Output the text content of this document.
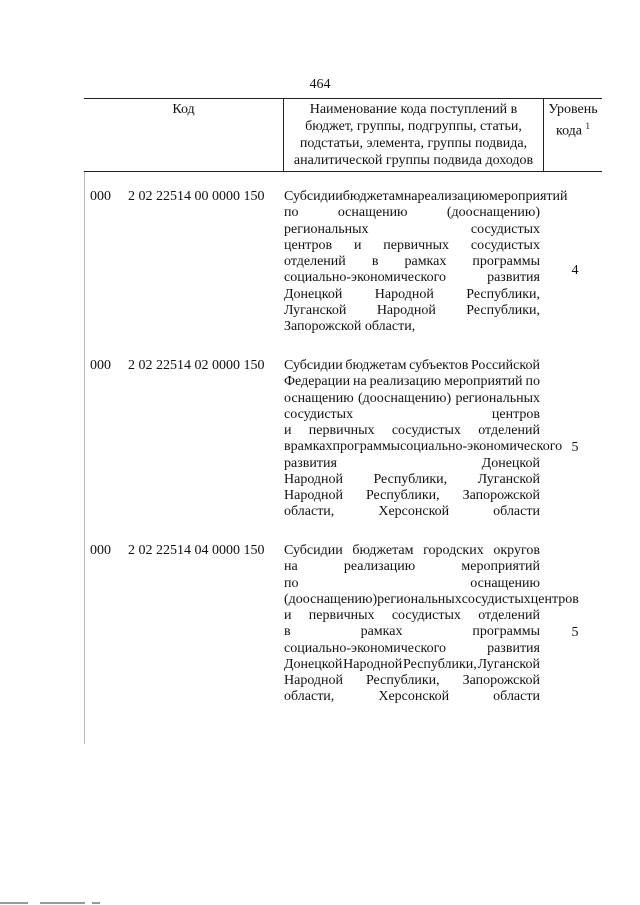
464
Код	Наименование кода поступлений в
бюджет, группы, подгруппы, статьи,
подстатьи, элемента, группы подвида,
аналитической группы подвида доходов
Уровень
кода $^1$
000 2 02 22514 00 0000 150 Субсидии бюджетам на реализацию мероприятий
по	оснащению	(дооснащению)
региональных	сосудистых
центров и первичных сосудистых
отделений в рамках программы
социально-экономического	развития
Донецкой Народной Республики,
Луганской Народной Республики,
Запорожской области,
4
000 2 02 22514 02 0000 150 Субсидии бюджетам субъектов Российской
Федерации на реализацию мероприятий по
оснащению (дооснащению) региональных
сосудистых	центров
и первичных сосудистых отделений
в рамках программы социально-экономического
развития	Донецкой
Народной Республики, Луганской
Народной Республики, Запорожской
области,	Херсонской	области
5
000 2 02 22514 04 0000 150 Субсидии бюджетам городских округов
на	реализацию	мероприятий
по	оснащению
(дооснащению) региональных сосудистых центров
и первичных сосудистых отделений
в	рамках	программы
социально-экономического	развития
Донецкой Народной Республики, Луганской
Народной Республики, Запорожской
области,	Херсонской	области
5
